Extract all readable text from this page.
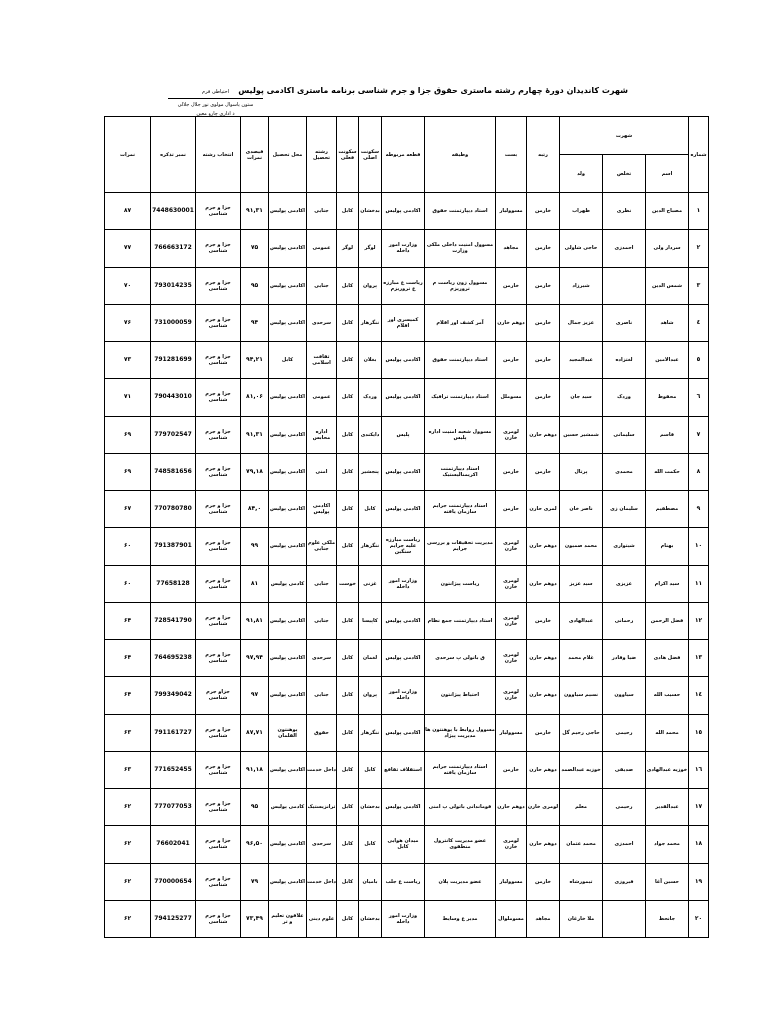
شهرت کاندیدان دورهٔ چهارم رشته ماستری حقوق جزا و جرم شناسی برنامه ماستری اکادمی پولیس
احتیاطی فرم
ستون یاسوال مولوی نور جلال جلالی
د اداری چارو معین
شماره	شهرت			رتبه	بست	وظیفه	قطعه مربوطه	سکونت اصلی	سکونت فعلی	رشته تحصیل	محل تحصیل	فیصدی نمرات	انتخاب رشته	نمبر تذکره	نمرات
	اسم	تخلص	ولد												
١	مصباح الدین	نظری	ظهراب	خارمن	مسوولیار	استاد دیپارتمنت حقوق	اکادمی پولیس	بدخشان	کابل	جنایی	اکادمی پولیس	۹۱,۳۱	جزا و جرم شناسی	7448630001	۸۷
٢	سردار ولی	احمدزی	حاجی شاولی	خارمن	مجاهد	مسوول امنیت داخلی ملکی وزارت	وزارت امور داخله	لوگر	لوگر	عمومی	اکادمی پولیس	۷۵	جزا و جرم شناسی	766663172	۷۷
٣	شمس الدین		شیرزاد	خارمن	خارمن	مسوول زون ریاست م تروریزم	ریاست ع مبارزه ع تروریزم	پروان	کابل	جنایی	اکادمی پولیس	۹۵	جزا و جرم شناسی	793014235	۷۰
٤	شاهد	ناصری	عزیز جمال	خارمن	دوهم خارن	آمر کشف اور اقلام	کمیسری اور اقلام	ننگرهار	کابل	سرحدی	اکادمی پولیس	۹۴	جزا و جرم شناسی	731000059	۷۶
٥	عبدالامین	لغتزاده	عبدالمجید	حارمن	حارمن	استاد دیپارتمنت حقوق	اکادمی پولیس	بغلان	کابل	ثقافت اسلامی	کابل	۹۴,۲۱	جزا و جرم شناسی	791281699	۷۳
٦	محفوظ	وردک	سید جان	خارمن	مسوملل	استاد دیپارتمنت ترافیک	اکادمی پولیس	وردک	کابل	عمومی	اکادمی پولیس	۸۱,۰۶	جزا و جرم شناسی	790443010	۷۱
٧	قاسم	سلیمانی	شمشیر حسین	دوهم حارن	لومری خارن	مسوول شعبه امنیت اداره پلیس	پلیس	دایکندی	کابل	اداره محابس	اکادمی پولیس	۹۱,۳۱	جزا و جرم شناسی	779702547	۶۹
٨	حکمت الله	محمدی	پرتال	خارمن	خارمن	استاد دیپارتمنت اکریمنالیستیک	اکادمی پولیس	پنجشیر	کابل	امنی	اکادمی پولیس	۷۹,۱۸	جزا و جرم شناسی	748581656	۶۹
٩	مصطفیم	سلیمان زی	ناصر خان	لمری حارن	حارمن	استاد دیپارتمنت جرایم سازمان یافته	اکادمی پولیس	کابل	کابل	اکادمی پولیس	اکادمی پولیس	۸۴,۰	جزا و جرم شناسی	770780780	۶۷
١٠	بهنام	شیتواری	محمد صمیون	دوهم حارن	لومری خارن	مدیریت تحقیقات و بررسی جرایم	ریاست مبارزه علیه جرایم سنگین	ننگرهار	کابل	ملکی علوم جنایی	اکادمی پولیس	۹۹	جزا و جرم شناسی	791387901	۶۰
١١	سید اکرام	عزیزی	سید عزیز	دوهم حارن	لومری خارن	ریاست پیژانتون	وزارت امور داخله	غزنی	خوست	جنایی	کادمی پولیس	۸۱	جزا و جرم شناسی	77658128	۶۰
١٢	فضل الرحمن	رحمانی	عبدالهادی	خارمن	لومری خارن	استاد دیپارتمنت جمع نظام	اکادمی پولیس	کاپیسا	کابل	جنایی	اکادمی پولیس	۹۱,۸۱	جزا و جرم شناسی	728541790	۶۴
١٣	فضل هادی	ضیا وقادر	غلام محمد	دوهم حارن	لومری خارن	ق باتولی پ سرحدی	اکادمی پولیس	لغمان	کابل	سرحدی	اکادمی پولیس	۹۷,۹۴	جزا و جرم شناسی	764695238	۶۴
١٤	حسیب الله	سیاوون	نسیم سیاوون	دوهم حارن	لومری خارن	احتیاط پیژانتون	وزارت امور داخله	پروان	کابل	جنایی	اکادمی پولیس	۹۷	جزاو جرم شناسی	799349042	۶۴
١٥	محمد الله	رحیمی	حاجی رحیم گل	خارمن	مسوولیار	مسوول روابط با پوهنتون ها مدیریت پیژاد	اکادمی پولیس	ننگرهار	کابل	حقوق	پوهنتون القلمان	۸۷,۷۱	جزا و جرم شناسی	791161727	۶۳
١٦	خوزیه عبدالهادی	صدیقی	خوزیه عبدالصمد	دوهم حارن	خارمن	استاد دیپارتمنت جرایم سازمان یافته	استقلاف ثقافع	کابل	کابل	داخل خدمت	اکادمی پولیس	۹۱,۱۸	جزا و جرم شناسی	771652455	۶۳
١٧	عبدالقدیر	رحیمی	معلم	لومری خارن	دوهم حارن	قوماندانی باتولی پ امنی	اکادمی پولیس	بدخشان	کابل	ترانزیستیک	کادمی پولیس	۹۵	جزا و جرم شناسی	777077053	۶۲
١٨	محمد جواد	احمدزی	محمد عثمان	دوهم حارن	لومری خارن	عضو مدیریت کانترول منطقوی	میدان هوایی کابل	کابل	کابل	سرحدی	اکادمی پولیس	۹۶,۵۰	جزا و جرم شناسی	76602041	۶۲
١٩	حسین آغا	فیروزی	تیمورشاه	خارمن	مسوولیار	عضو مدیریت پلان	ریاست ع جلب	بامیان	کابل	داخل خدمت	اکادمی پولیس	۷۹	جزا و جرم شناسی	770000654	۶۲
٢٠	جانحظ		ملا خارغان	مجاهد	مسوملوال	مدیر ع وسایط	وزارت امور داخله	بدخشان	کابل	علوم دینی	علاقون تعلیم و تر	۷۳,۴۹	جزا و جرم شناسی	794125277	۶۲
